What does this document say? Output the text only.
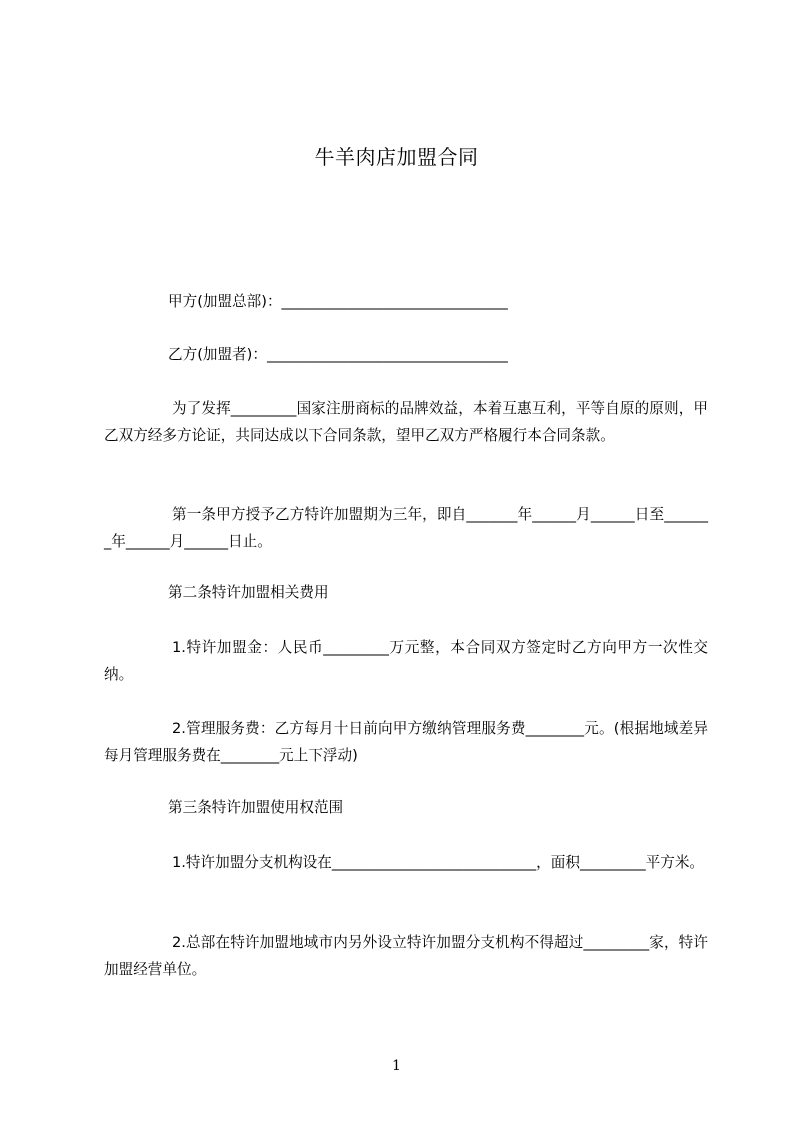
牛羊肉店加盟合同
甲方(加盟总部)：_______________________________
乙方(加盟者)：_________________________________
为了发挥_________国家注册商标的品牌效益，本着互惠互利，平等自原的原则，甲乙双方经多方论证，共同达成以下合同条款，望甲乙双方严格履行本合同条款。
第一条甲方授予乙方特许加盟期为三年，即自_______年______月______日至_______年______月______日止。
第二条特许加盟相关费用
1.特许加盟金：人民币_________万元整，本合同双方签定时乙方向甲方一次性交纳。
2.管理服务费：乙方每月十日前向甲方缴纳管理服务费________元。(根据地域差异每月管理服务费在________元上下浮动)
第三条特许加盟使用权范围
1.特许加盟分支机构设在____________________________，面积_________平方米。
2.总部在特许加盟地域市内另外设立特许加盟分支机构不得超过_________家，特许加盟经营单位。
1
